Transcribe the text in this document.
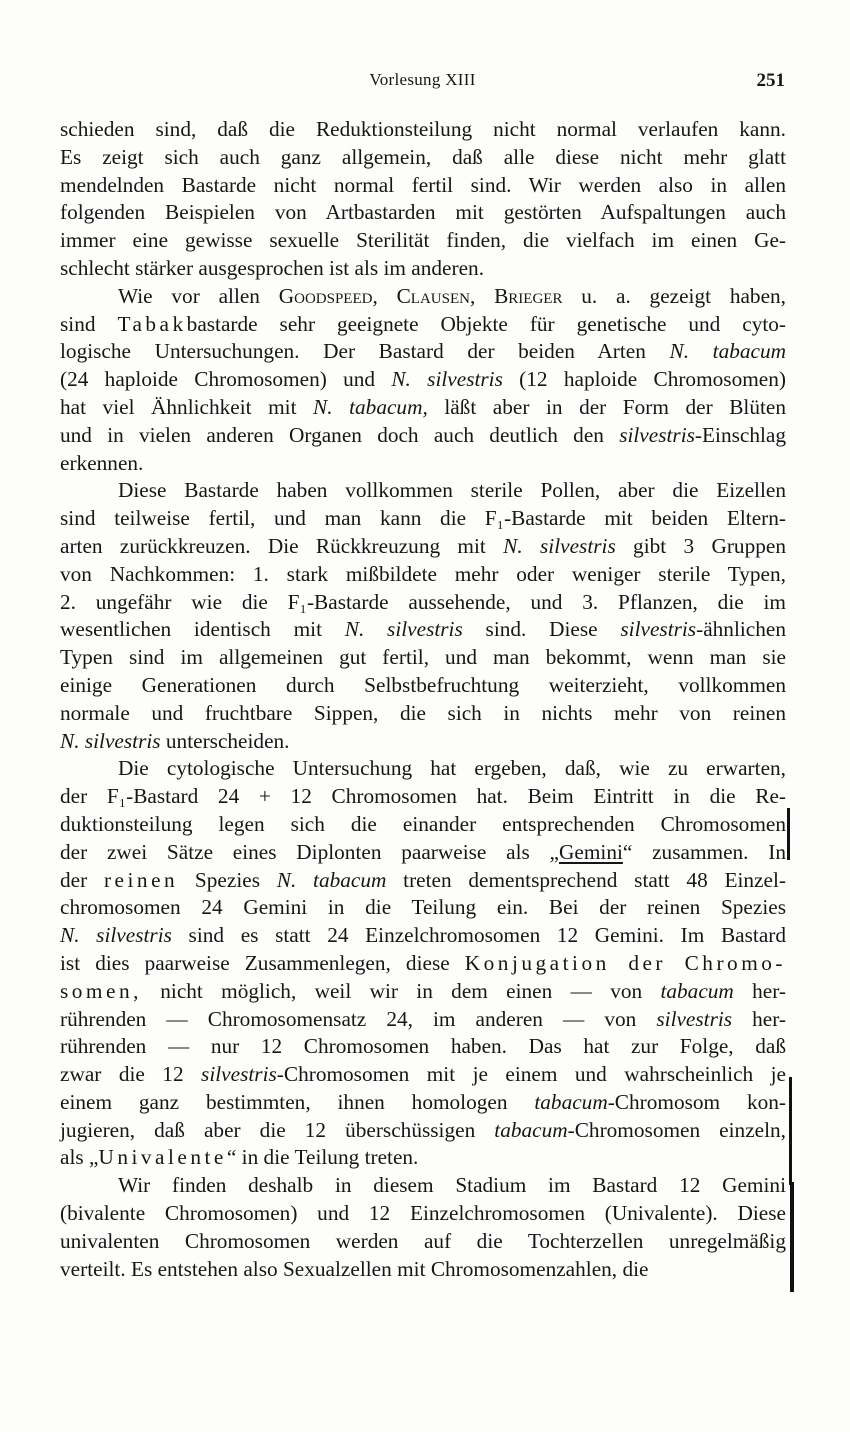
Vorlesung XIII	251
schieden sind, daß die Reduktionsteilung nicht normal verlaufen kann.
Es zeigt sich auch ganz allgemein, daß alle diese nicht mehr glatt
mendelnden Bastarde nicht normal fertil sind. Wir werden also in allen
folgenden Beispielen von Artbastarden mit gestörten Aufspaltungen auch
immer eine gewisse sexuelle Sterilität finden, die vielfach im einen Ge-
schlecht stärker ausgesprochen ist als im anderen.
Wie vor allen Goodspeed, Clausen, Brieger u. a. gezeigt haben,
sind Tabakbastarde sehr geeignete Objekte für genetische und cyto-
logische Untersuchungen. Der Bastard der beiden Arten N. tabacum
(24 haploide Chromosomen) und N. silvestris (12 haploide Chromosomen)
hat viel Ähnlichkeit mit N. tabacum, läßt aber in der Form der Blüten
und in vielen anderen Organen doch auch deutlich den silvestris-Einschlag
erkennen.
Diese Bastarde haben vollkommen sterile Pollen, aber die Eizellen
sind teilweise fertil, und man kann die F₁-Bastarde mit beiden Eltern-
arten zurückkreuzen. Die Rückkreuzung mit N. silvestris gibt 3 Gruppen
von Nachkommen: 1. stark mißbildete mehr oder weniger sterile Typen,
2. ungefähr wie die F₁-Bastarde aussehende, und 3. Pflanzen, die im
wesentlichen identisch mit N. silvestris sind. Diese silvestris-ähnlichen
Typen sind im allgemeinen gut fertil, und man bekommt, wenn man sie
einige Generationen durch Selbstbefruchtung weiterzieht, vollkommen
normale und fruchtbare Sippen, die sich in nichts mehr von reinen
N. silvestris unterscheiden.
Die cytologische Untersuchung hat ergeben, daß, wie zu erwarten,
der F₁-Bastard 24 + 12 Chromosomen hat. Beim Eintritt in die Re-
duktionsteilung legen sich die einander entsprechenden Chromosomen
der zwei Sätze eines Diplonten paarweise als „Gemini“ zusammen. In
der reinen Spezies N. tabacum treten dementsprechend statt 48 Einzel-
chromosomen 24 Gemini in die Teilung ein. Bei der reinen Spezies
N. silvestris sind es statt 24 Einzelchromosomen 12 Gemini. Im Bastard
ist dies paarweise Zusammenlegen, diese Konjugation der Chromo-
somen, nicht möglich, weil wir in dem einen — von tabacum her-
rührenden — Chromosomensatz 24, im anderen — von silvestris her-
rührenden — nur 12 Chromosomen haben. Das hat zur Folge, daß
zwar die 12 silvestris-Chromosomen mit je einem und wahrscheinlich je
einem ganz bestimmten, ihnen homologen tabacum-Chromosom kon-
jugieren, daß aber die 12 überschüssigen tabacum-Chromosomen einzeln,
als „Univalente“ in die Teilung treten.
Wir finden deshalb in diesem Stadium im Bastard 12 Gemini
(bivalente Chromosomen) und 12 Einzelchromosomen (Univalente). Diese
univalenten Chromosomen werden auf die Tochterzellen unregelmäßig
verteilt. Es entstehen also Sexualzellen mit Chromosomenzahlen, die
